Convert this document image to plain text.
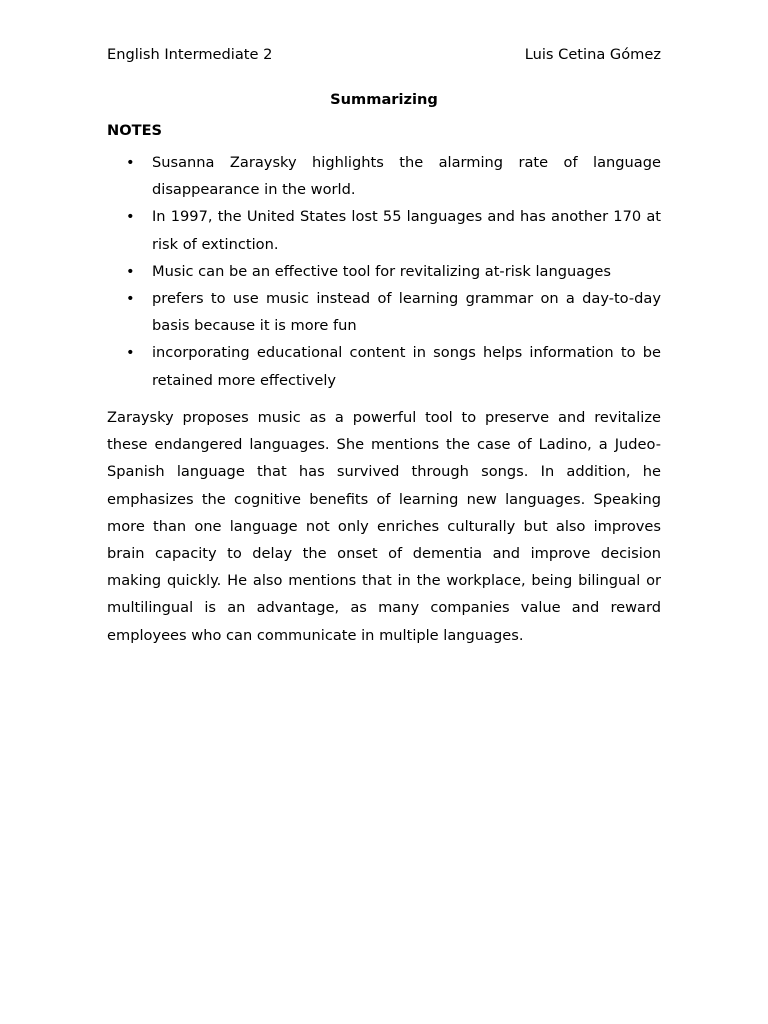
English Intermediate 2	Luis Cetina Gómez
Summarizing
NOTES
• Susanna Zaraysky highlights the alarming rate of language disappearance in the world.
• In 1997, the United States lost 55 languages and has another 170 at risk of extinction.
• Music can be an effective tool for revitalizing at-risk languages
• prefers to use music instead of learning grammar on a day-to-day basis because it is more fun
• incorporating educational content in songs helps information to be retained more effectively

Zaraysky proposes music as a powerful tool to preserve and revitalize these endangered languages. She mentions the case of Ladino, a Judeo-Spanish language that has survived through songs. In addition, he emphasizes the cognitive benefits of learning new languages. Speaking more than one language not only enriches culturally but also improves brain capacity to delay the onset of dementia and improve decision making quickly. He also mentions that in the workplace, being bilingual or multilingual is an advantage, as many companies value and reward employees who can communicate in multiple languages.
